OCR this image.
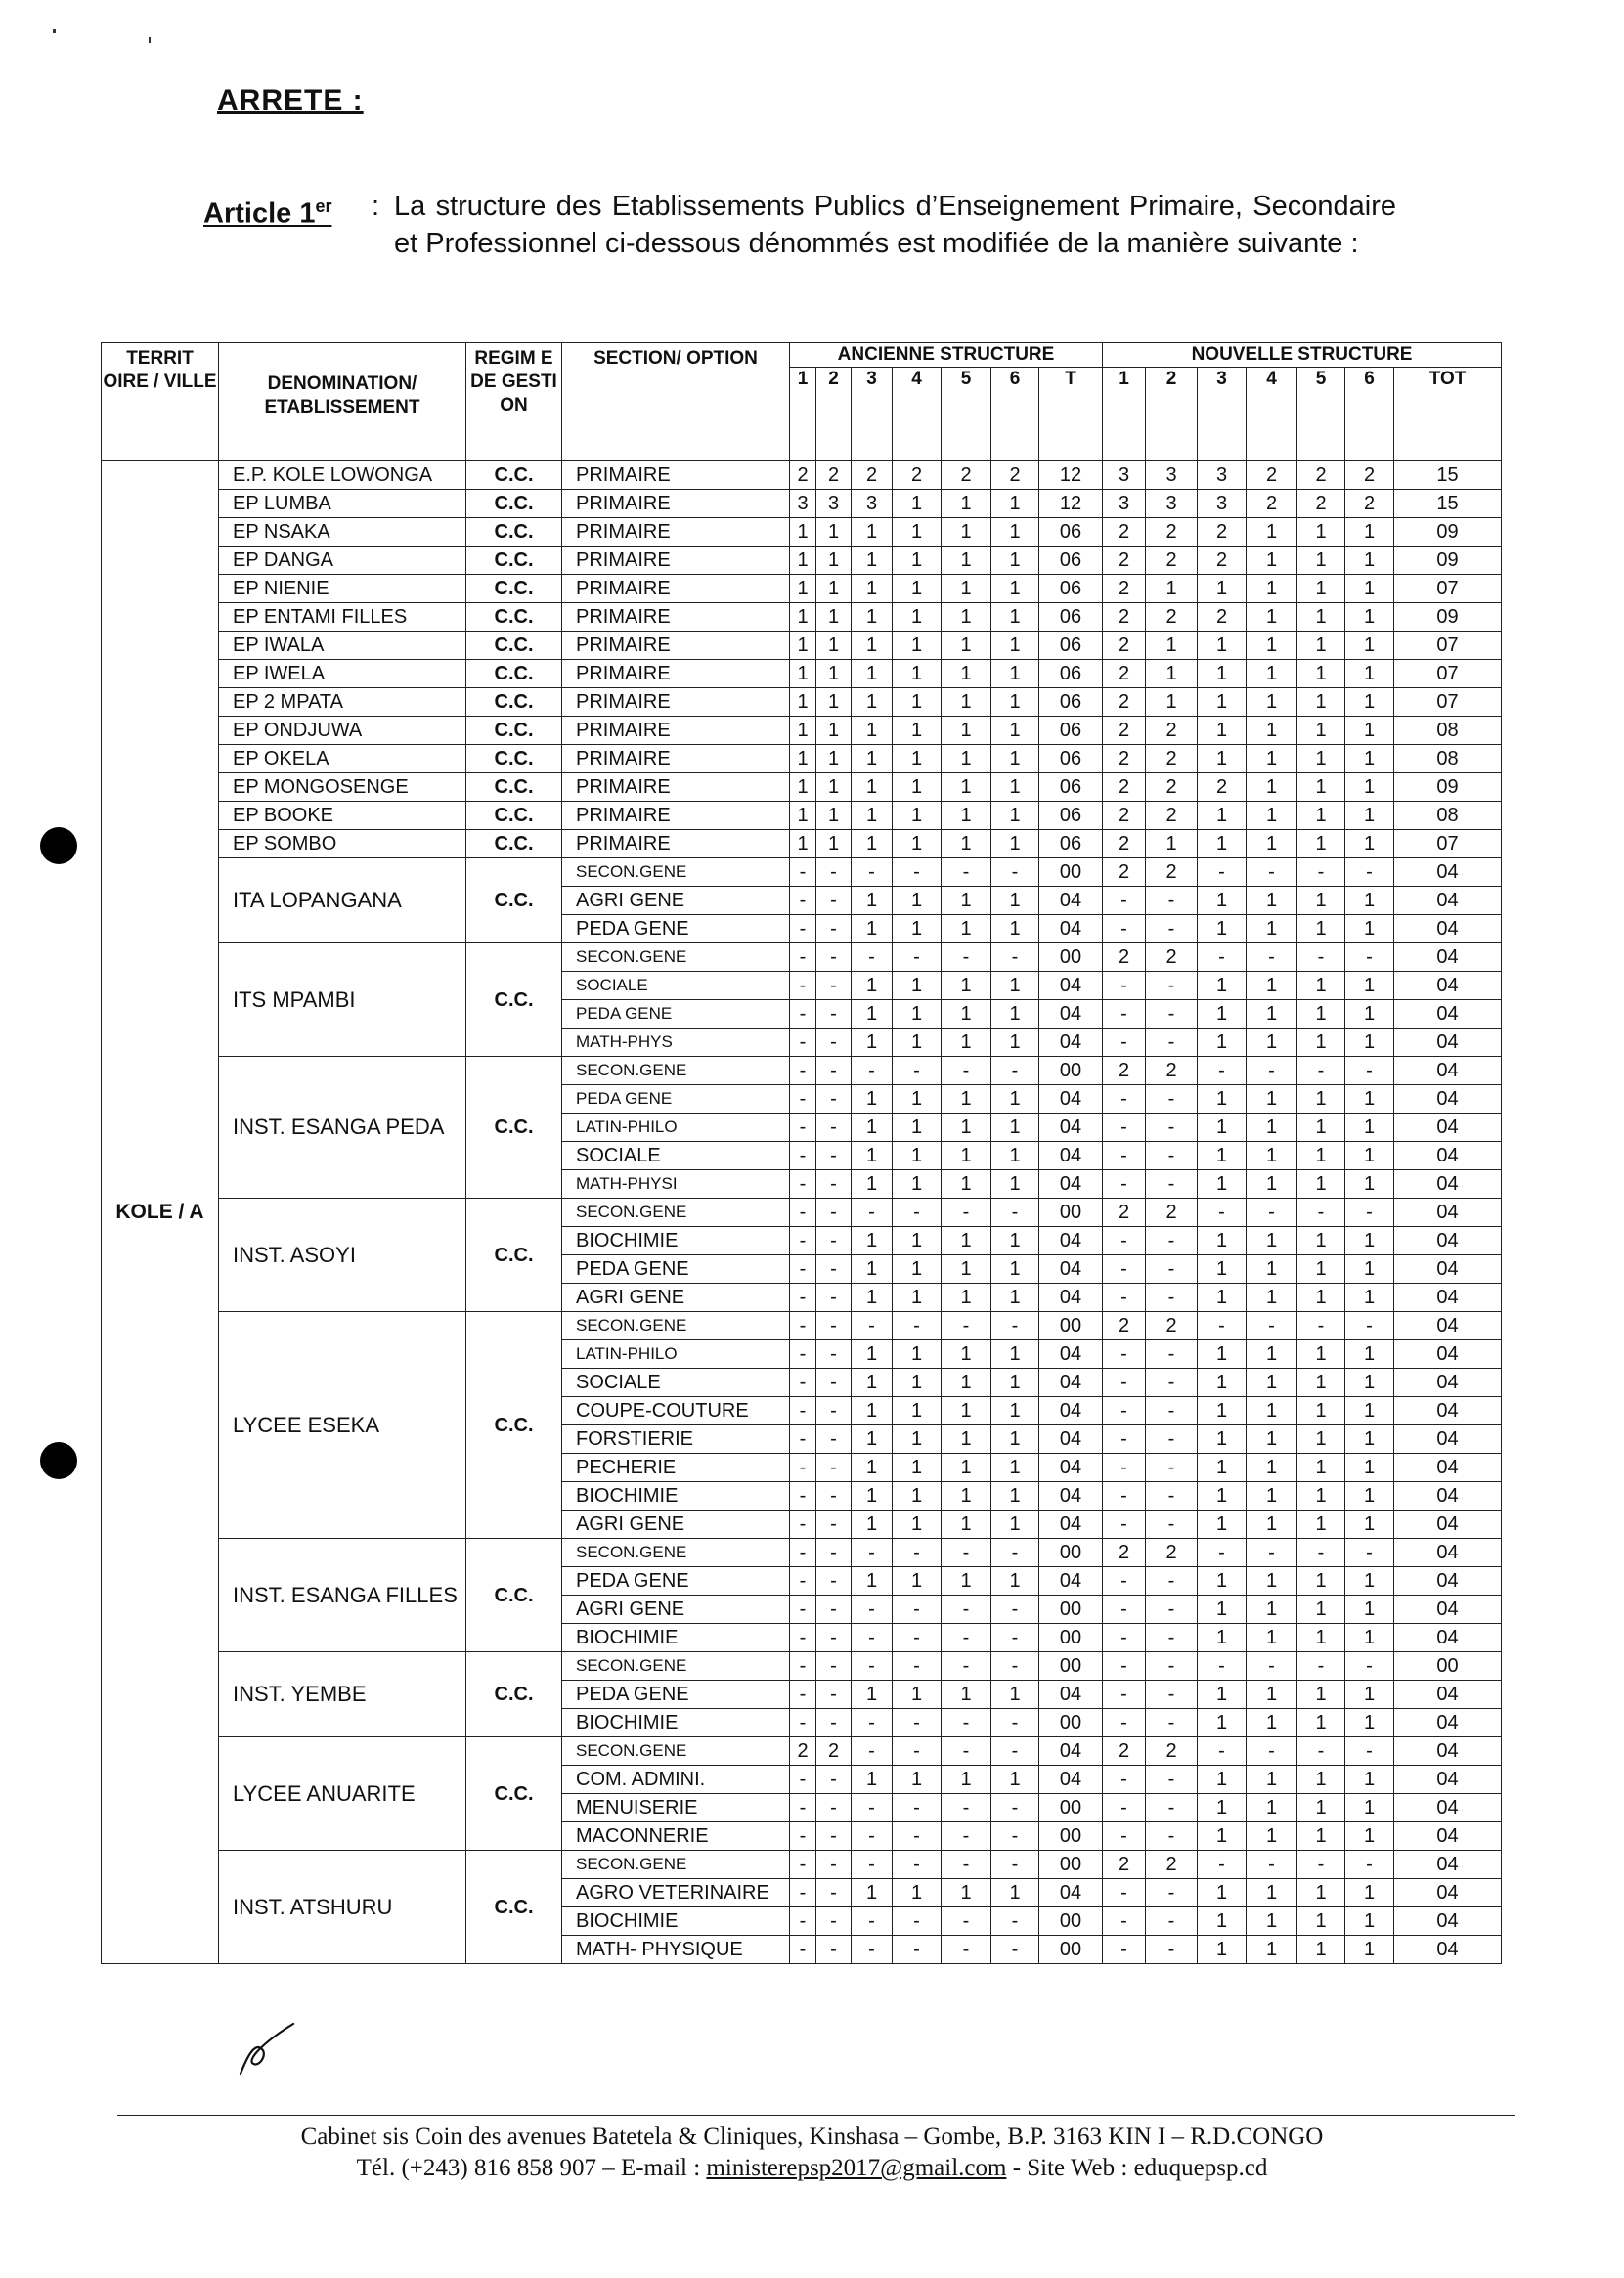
ARRETE :
Article 1er : La structure des Etablissements Publics d’Enseignement Primaire, Secondaire et Professionnel ci-dessous dénommés est modifiée de la manière suivante :
TERRIT OIRE / VILLE	DENOMINATION/ ETABLISSEMENT	REGIM E DE GESTI ON	SECTION/ OPTION	ANCIENNE STRUCTURE							NOUVELLE STRUCTURE						
				1	2	3	4	5	6	T	1	2	3	4	5	6	TOT
KOLE / A	E.P. KOLE LOWONGA	C.C.	PRIMAIRE	2	2	2	2	2	2	12	3	3	3	2	2	2	15
	EP LUMBA	C.C.	PRIMAIRE	3	3	3	1	1	1	12	3	3	3	2	2	2	15
	EP NSAKA	C.C.	PRIMAIRE	1	1	1	1	1	1	06	2	2	2	1	1	1	09
	EP DANGA	C.C.	PRIMAIRE	1	1	1	1	1	1	06	2	2	2	1	1	1	09
	EP NIENIE	C.C.	PRIMAIRE	1	1	1	1	1	1	06	2	1	1	1	1	1	07
	EP ENTAMI FILLES	C.C.	PRIMAIRE	1	1	1	1	1	1	06	2	2	2	1	1	1	09
	EP IWALA	C.C.	PRIMAIRE	1	1	1	1	1	1	06	2	1	1	1	1	1	07
	EP IWELA	C.C.	PRIMAIRE	1	1	1	1	1	1	06	2	1	1	1	1	1	07
	EP 2 MPATA	C.C.	PRIMAIRE	1	1	1	1	1	1	06	2	1	1	1	1	1	07
	EP ONDJUWA	C.C.	PRIMAIRE	1	1	1	1	1	1	06	2	2	1	1	1	1	08
	EP OKELA	C.C.	PRIMAIRE	1	1	1	1	1	1	06	2	2	1	1	1	1	08
	EP MONGOSENGE	C.C.	PRIMAIRE	1	1	1	1	1	1	06	2	2	2	1	1	1	09
	EP BOOKE	C.C.	PRIMAIRE	1	1	1	1	1	1	06	2	2	1	1	1	1	08
	EP SOMBO	C.C.	PRIMAIRE	1	1	1	1	1	1	06	2	1	1	1	1	1	07
	ITA LOPANGANA	C.C.	SECON.GENE	-	-	-	-	-	-	00	2	2	-	-	-	-	04
			AGRI GENE	-	-	1	1	1	1	04	-	-	1	1	1	1	04
			PEDA GENE	-	-	1	1	1	1	04	-	-	1	1	1	1	04
	ITS MPAMBI	C.C.	SECON.GENE	-	-	-	-	-	-	00	2	2	-	-	-	-	04
			SOCIALE	-	-	1	1	1	1	04	-	-	1	1	1	1	04
			PEDA GENE	-	-	1	1	1	1	04	-	-	1	1	1	1	04
			MATH-PHYS	-	-	1	1	1	1	04	-	-	1	1	1	1	04
	INST. ESANGA PEDA	C.C.	SECON.GENE	-	-	-	-	-	-	00	2	2	-	-	-	-	04
			PEDA GENE	-	-	1	1	1	1	04	-	-	1	1	1	1	04
			LATIN-PHILO	-	-	1	1	1	1	04	-	-	1	1	1	1	04
			SOCIALE	-	-	1	1	1	1	04	-	-	1	1	1	1	04
			MATH-PHYSI	-	-	1	1	1	1	04	-	-	1	1	1	1	04
	INST. ASOYI	C.C.	SECON.GENE	-	-	-	-	-	-	00	2	2	-	-	-	-	04
			BIOCHIMIE	-	-	1	1	1	1	04	-	-	1	1	1	1	04
			PEDA GENE	-	-	1	1	1	1	04	-	-	1	1	1	1	04
			AGRI GENE	-	-	1	1	1	1	04	-	-	1	1	1	1	04
	LYCEE ESEKA	C.C.	SECON.GENE	-	-	-	-	-	-	00	2	2	-	-	-	-	04
			LATIN-PHILO	-	-	1	1	1	1	04	-	-	1	1	1	1	04
			SOCIALE	-	-	1	1	1	1	04	-	-	1	1	1	1	04
			COUPE-COUTURE	-	-	1	1	1	1	04	-	-	1	1	1	1	04
			FORSTIERIE	-	-	1	1	1	1	04	-	-	1	1	1	1	04
			PECHERIE	-	-	1	1	1	1	04	-	-	1	1	1	1	04
			BIOCHIMIE	-	-	1	1	1	1	04	-	-	1	1	1	1	04
			AGRI GENE	-	-	1	1	1	1	04	-	-	1	1	1	1	04
	INST. ESANGA FILLES	C.C.	SECON.GENE	-	-	-	-	-	-	00	2	2	-	-	-	-	04
			PEDA GENE	-	-	1	1	1	1	04	-	-	1	1	1	1	04
			AGRI GENE	-	-	-	-	-	-	00	-	-	1	1	1	1	04
			BIOCHIMIE	-	-	-	-	-	-	00	-	-	1	1	1	1	04
	INST. YEMBE	C.C.	SECON.GENE	-	-	-	-	-	-	00	-	-	-	-	-	-	00
			PEDA GENE	-	-	1	1	1	1	04	-	-	1	1	1	1	04
			BIOCHIMIE	-	-	-	-	-	-	00	-	-	1	1	1	1	04
	LYCEE ANUARITE	C.C.	SECON.GENE	2	2	-	-	-	-	04	2	2	-	-	-	-	04
			COM. ADMINI.	-	-	1	1	1	1	04	-	-	1	1	1	1	04
			MENUISERIE	-	-	-	-	-	-	00	-	-	1	1	1	1	04
			MACONNERIE	-	-	-	-	-	-	00	-	-	1	1	1	1	04
	INST. ATSHURU	C.C.	SECON.GENE	-	-	-	-	-	-	00	2	2	-	-	-	-	04
			AGRO VETERINAIRE	-	-	1	1	1	1	04	-	-	1	1	1	1	04
			BIOCHIMIE	-	-	-	-	-	-	00	-	-	1	1	1	1	04
			MATH- PHYSIQUE	-	-	-	-	-	-	00	-	-	1	1	1	1	04
Cabinet sis Coin des avenues Batetela & Cliniques, Kinshasa – Gombe, B.P. 3163 KIN I – R.D.CONGO
Tél. (+243) 816 858 907 – E-mail : ministerepsp2017@gmail.com - Site Web : eduquepsp.cd
